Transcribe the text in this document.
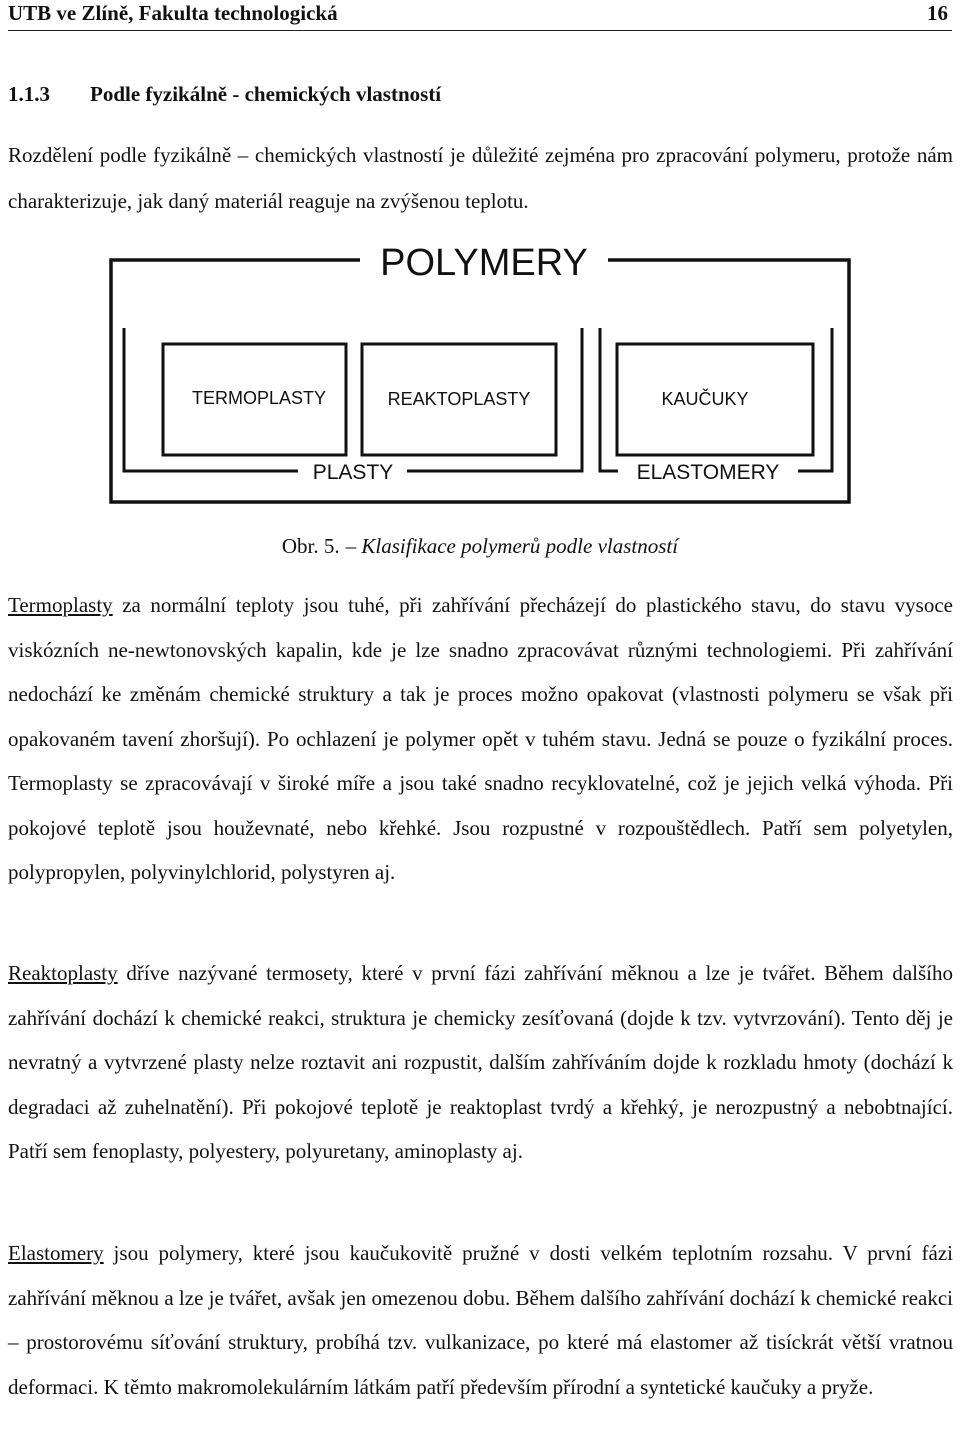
UTB ve Zlíně, Fakulta technologická	16
1.1.3 Podle fyzikálně - chemických vlastností
Rozdělení podle fyzikálně – chemických vlastností je důležité zejména pro zpracování polymeru, protože nám charakterizuje, jak daný materiál reaguje na zvýšenou teplotu.
POLYMERY
PLASTY
TERMOPLASTY	REAKTOPLASTY
ELASTOMERY
KAUČUKY
Obr. 5. – Klasifikace polymerů podle vlastností
Termoplasty za normální teploty jsou tuhé, při zahřívání přecházejí do plastického stavu, do stavu vysoce viskózních ne-newtonovských kapalin, kde je lze snadno zpracovávat různými technologiemi. Při zahřívání nedochází ke změnám chemické struktury a tak je proces možno opakovat (vlastnosti polymeru se však při opakovaném tavení zhoršují). Po ochlazení je polymer opět v tuhém stavu. Jedná se pouze o fyzikální proces. Termoplasty se zpracovávají v široké míře a jsou také snadno recyklovatelné, což je jejich velká výhoda. Při pokojové teplotě jsou houževnaté, nebo křehké. Jsou rozpustné v rozpouštědlech. Patří sem polyetylen, polypropylen, polyvinylchlorid, polystyren aj.
Reaktoplasty dříve nazývané termosety, které v první fázi zahřívání měknou a lze je tvářet. Během dalšího zahřívání dochází k chemické reakci, struktura je chemicky zesíťovaná (dojde k tzv. vytvrzování). Tento děj je nevratný a vytvrzené plasty nelze roztavit ani rozpustit, dalším zahříváním dojde k rozkladu hmoty (dochází k degradaci až zuhelnatění). Při pokojové teplotě je reaktoplast tvrdý a křehký, je nerozpustný a nebobtnající. Patří sem fenoplasty, polyestery, polyuretany, aminoplasty aj.
Elastomery jsou polymery, které jsou kaučukovitě pružné v dosti velkém teplotním rozsahu. V první fázi zahřívání měknou a lze je tvářet, avšak jen omezenou dobu. Během dalšího zahřívání dochází k chemické reakci – prostorovému síťování struktury, probíhá tzv. vulkanizace, po které má elastomer až tisíckrát větší vratnou deformaci. K těmto makromolekulárním látkám patří především přírodní a syntetické kaučuky a pryže.
